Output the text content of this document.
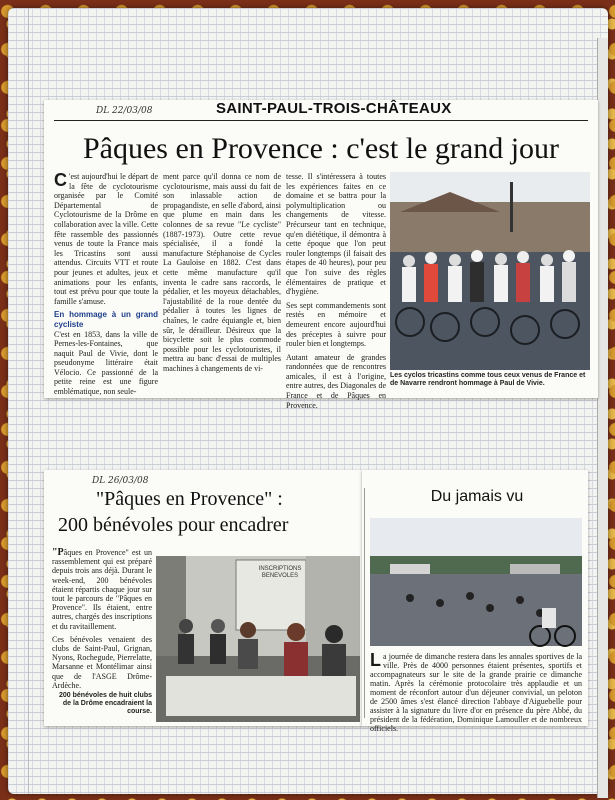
DL 22/03/08	SAINT-PAUL-TROIS-CHÂTEAUX
Pâques en Provence : c'est le grand jour

C 'est aujourd'hui le départ de la fête de cyclotourisme organisée par le Comité Départemental de Cyclotourisme de la Drôme en collaboration avec la ville. Cette fête rassemble des passionnés venus de toute la France mais les Tricastins sont aussi attendus. Circuits VTT et route pour jeunes et adultes, jeux et animations pour les enfants, tout est prévu pour que toute la famille s'amuse.

En hommage à un grand cycliste

C'est en 1853, dans la ville de Pernes-les-Fontaines, que naquit Paul de Vivie, dont le pseudonyme littéraire était Vélocio. Ce passionné de la petite reine est une figure emblématique, non seule-

ment parce qu'il donna ce nom de cyclotourisme, mais aussi du fait de son inlassable action de propagandiste, en selle d'abord, ainsi que plume en main dans les colonnes de sa revue "Le cycliste" (1887-1973). Outre cette revue spécialisée, il a fondé la manufacture Stéphanoise de Cycles La Gauloise en 1882. C'est dans cette même manufacture qu'il inventa le cadre sans raccords, le pédalier, et les moyeux détachables, l'ajustabilité de la roue dentée du pédalier à toutes les lignes de chaînes, le cadre équiangle et, bien sûr, le dérailleur. Désireux que la bicyclette soit le plus commode possible pour les cyclotouristes, il mettra au banc d'essai de multiples machines à changements de vi-

tesse. Il s'intéressera à toutes les expériences faites en ce domaine et se battra pour la polymultiplication ou changements de vitesse. Précurseur tant en technique, qu'en diététique, il démontra à cette époque que l'on peut rouler longtemps (il faisait des étapes de 40 heures), pour peu que l'on suive des règles élémentaires de pratique et d'hygiène.

Ses sept commandements sont restés en mémoire et demeurent encore aujourd'hui des préceptes à suivre pour rouler bien et longtemps.

Autant amateur de grandes randonnées que de rencontres amicales, il est à l'origine, entre autres, des Diagonales de France et de Pâques en Provence.

Les cyclos tricastins comme tous ceux venus de France et de Navarre rendront hommage à Paul de Vivie.
DL 26/03/08
"Pâques en Provence" :
200 bénévoles pour encadrer

"Pâques en Provence" est un rassemblement qui est préparé depuis trois ans déjà. Durant le week-end, 200 bénévoles étaient répartis chaque jour sur tout le parcours de "Pâques en Provence". Ils étaient, entre autres, chargés des inscriptions et du ravitaillement.

Ces bénévoles venaient des clubs de Saint-Paul, Grignan, Nyons, Rochegude, Pierrelatte, Marsanne et Montélimar ainsi que de l'ASGE Drôme-Ardèche.

INSCRIPTIONS BENEVOLES
200 bénévoles de huit clubs de la Drôme encadraient la course.
Du jamais vu

La journée de dimanche restera dans les annales sportives de la ville. Près de 4000 personnes étaient présentes, sportifs et accompagnateurs sur le site de la grande prairie ce dimanche matin. Après la cérémonie protocolaire très applaudie et un moment de réconfort autour d'un déjeuner convivial, un peloton de 2500 âmes s'est élancé direction l'abbaye d'Aiguebelle pour assister à la signature du livre d'or en présence du père Abbé, du président de la fédération, Dominique Lamouller et de nombreux officiels.
